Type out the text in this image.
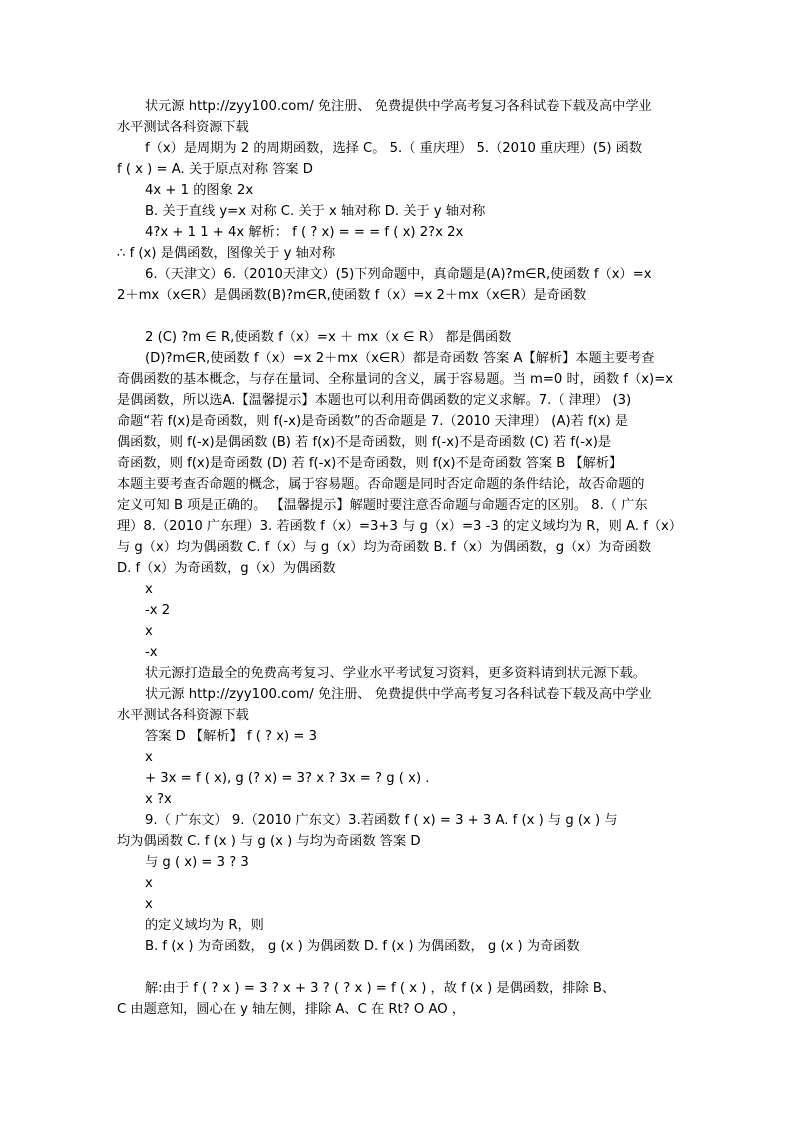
状元源 http://zyy100.com/ 免注册、 免费提供中学高考复习各科试卷下载及高中学业
水平测试各科资源下载
f（x）是周期为 2 的周期函数，选择 C。 5.（ 重庆理） 5.（2010 重庆理）(5) 函数
f ( x ) = A. 关于原点对称 答案 D
4x + 1 的图象 2x
B. 关于直线 y=x 对称 C. 关于 x 轴对称 D. 关于 y 轴对称
4?x + 1 1 + 4x 解析： f ( ? x) = = = f ( x) 2?x 2x
∴ f (x) 是偶函数，图像关于 y 轴对称
6.（天津文）6.（2010天津文）(5)下列命题中，真命题是(A)?m∈R,使函数 f（x）=x
2＋mx（x∈R）是偶函数(B)?m∈R,使函数 f（x）=x 2＋mx（x∈R）是奇函数
2 (C) ?m ∈ R,使函数 f（x）=x ＋ mx（x ∈ R） 都是偶函数
(D)?m∈R,使函数 f（x）=x 2＋mx（x∈R）都是奇函数 答案 A【解析】本题主要考查
奇偶函数的基本概念，与存在量词、全称量词的含义，属于容易题。当 m=0 时，函数 f（x)=x
是偶函数，所以选A.【温馨提示】本题也可以利用奇偶函数的定义求解。7.（ 津理） (3)
命题“若 f(x)是奇函数，则 f(-x)是奇函数”的否命题是 7.（2010 天津理） (A)若 f(x) 是
偶函数，则 f(-x)是偶函数 (B) 若 f(x)不是奇函数，则 f(-x)不是奇函数 (C) 若 f(-x)是
奇函数，则 f(x)是奇函数 (D) 若 f(-x)不是奇函数，则 f(x)不是奇函数 答案 B 【解析】
本题主要考查否命题的概念，属于容易题。否命题是同时否定命题的条件结论，故否命题的
定义可知 B 项是正确的。 【温馨提示】解题时要注意否命题与命题否定的区别。 8.（ 广东
理）8.（2010 广东理）3. 若函数 f（x）=3+3 与 g（x）=3 -3 的定义域均为 R，则 A. f（x）
与 g（x）均为偶函数 C. f（x）与 g（x）均为奇函数 B. f（x）为偶函数，g（x）为奇函数
D. f（x）为奇函数，g（x）为偶函数
x
-x 2
x
-x
状元源打造最全的免费高考复习、学业水平考试复习资料，更多资料请到状元源下载。
状元源 http://zyy100.com/ 免注册、 免费提供中学高考复习各科试卷下载及高中学业
水平测试各科资源下载
答案 D 【解析】 f ( ? x) = 3
x
+ 3x = f ( x), g (? x) = 3? x ? 3x = ? g ( x) .
x ?x
9.（ 广东文） 9.（2010 广东文）3.若函数 f ( x) = 3 + 3 A. f (x ) 与 g (x ) 与
均为偶函数 C. f (x ) 与 g (x ) 与均为奇函数 答案 D
与 g ( x) = 3 ? 3
x
x
的定义域均为 R，则
B. f (x ) 为奇函数， g (x ) 为偶函数 D. f (x ) 为偶函数， g (x ) 为奇函数
解:由于 f ( ? x ) = 3 ? x + 3 ? ( ? x ) = f ( x ) ，故 f (x ) 是偶函数，排除 B、
C 由题意知，圆心在 y 轴左侧，排除 A、C 在 Rt? O AO ，
